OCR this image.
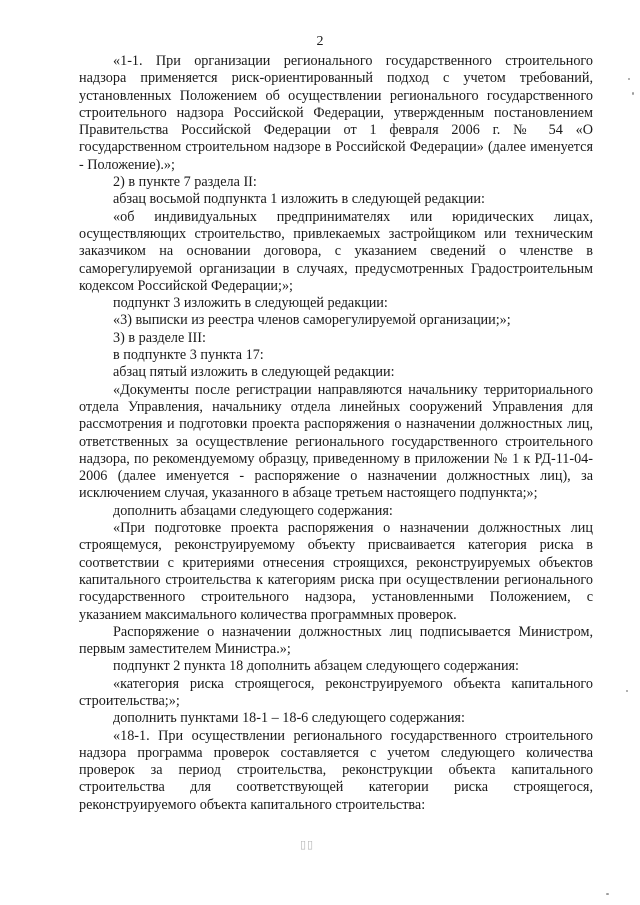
2

«1-1. При организации регионального государственного строительного надзора применяется риск-ориентированный подход с учетом требований, установленных Положением об осуществлении регионального государственного строительного надзора Российской Федерации, утвержденным постановлением Правительства Российской Федерации от 1 февраля 2006 г. № 54 «О государственном строительном надзоре в Российской Федерации» (далее именуется - Положение).»;

2) в пункте 7 раздела II:

абзац восьмой подпункта 1 изложить в следующей редакции:

«об индивидуальных предпринимателях или юридических лицах, осуществляющих строительство, привлекаемых застройщиком или техническим заказчиком на основании договора, с указанием сведений о членстве в саморегулируемой организации в случаях, предусмотренных Градостроительным кодексом Российской Федерации;»;

подпункт 3 изложить в следующей редакции:

«3) выписки из реестра членов саморегулируемой организации;»;

3) в разделе III:

в подпункте 3 пункта 17:

абзац пятый изложить в следующей редакции:

«Документы после регистрации направляются начальнику территориального отдела Управления, начальнику отдела линейных сооружений Управления для рассмотрения и подготовки проекта распоряжения о назначении должностных лиц, ответственных за осуществление регионального государственного строительного надзора, по рекомендуемому образцу, приведенному в приложении № 1 к РД-11-04-2006 (далее именуется - распоряжение о назначении должностных лиц), за исключением случая, указанного в абзаце третьем настоящего подпункта;»;

дополнить абзацами следующего содержания:

«При подготовке проекта распоряжения о назначении должностных лиц строящемуся, реконструируемому объекту присваивается категория риска в соответствии с критериями отнесения строящихся, реконструируемых объектов капитального строительства к категориям риска при осуществлении регионального государственного строительного надзора, установленными Положением, с указанием максимального количества программных проверок.

Распоряжение о назначении должностных лиц подписывается Министром, первым заместителем Министра.»;

подпункт 2 пункта 18 дополнить абзацем следующего содержания:

«категория риска строящегося, реконструируемого объекта капитального строительства;»;

дополнить пунктами 18-1 – 18-6 следующего содержания:

«18-1. При осуществлении регионального государственного строительного надзора программа проверок составляется с учетом следующего количества проверок за период строительства, реконструкции объекта капитального строительства для соответствующей категории риска строящегося, реконструируемого объекта капитального строительства:

▯▯
